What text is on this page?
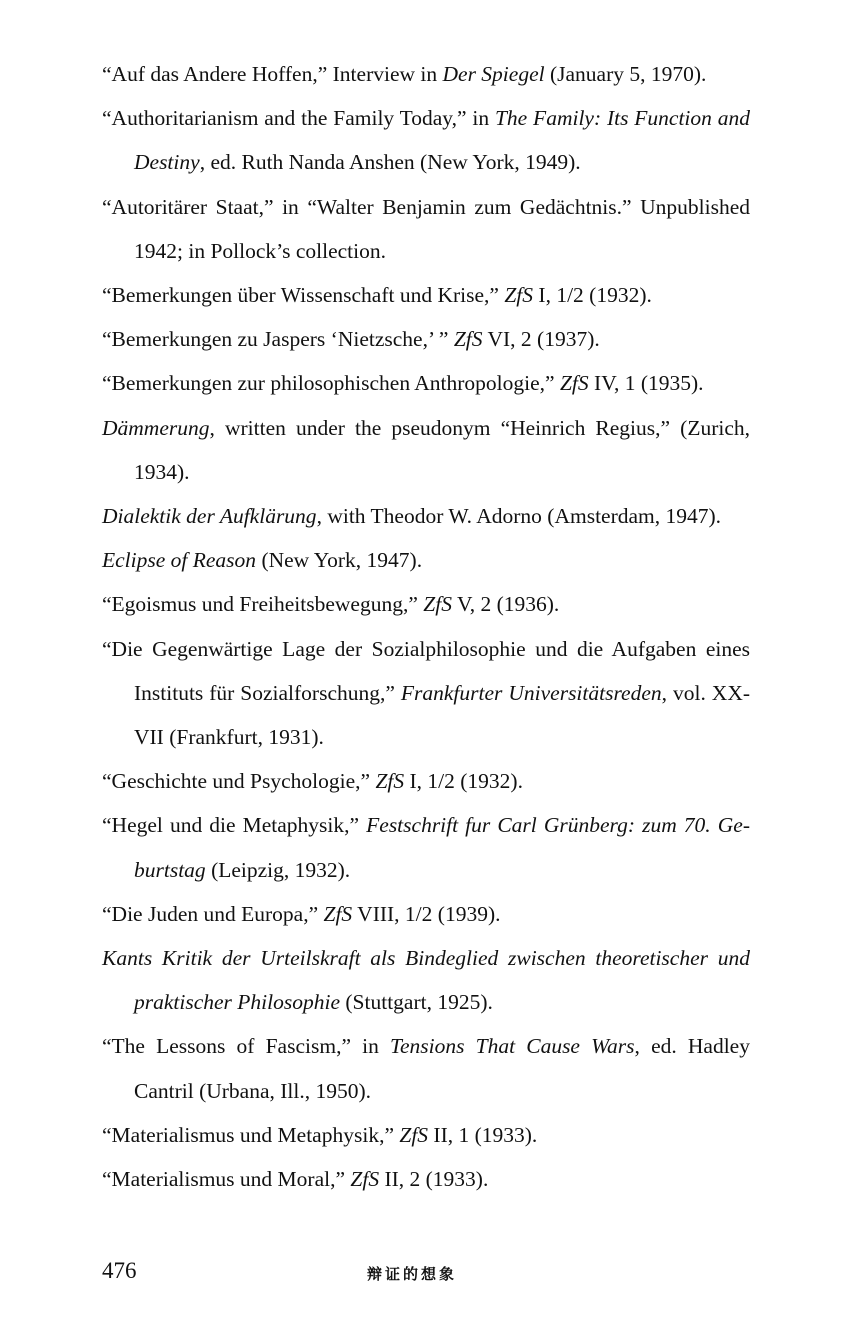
“Auf das Andere Hoffen,” Interview in Der Spiegel (January 5, 1970).
“Authoritarianism and the Family Today,” in The Family: Its Function and Destiny, ed. Ruth Nanda Anshen (New York, 1949).
“Autoritärer Staat,” in “Walter Benjamin zum Gedächtnis.” Unpublished 1942; in Pollock’s collection.
“Bemerkungen über Wissenschaft und Krise,” ZfS I, 1/2 (1932).
“Bemerkungen zu Jaspers ‘Nietzsche,’ ” ZfS VI, 2 (1937).
“Bemerkungen zur philosophischen Anthropologie,” ZfS IV, 1 (1935).
Dämmerung, written under the pseudonym “Heinrich Regius,” (Zurich, 1934).
Dialektik der Aufklärung, with Theodor W. Adorno (Amsterdam, 1947).
Eclipse of Reason (New York, 1947).
“Egoismus und Freiheitsbewegung,” ZfS V, 2 (1936).
“Die Gegenwärtige Lage der Sozialphilosophie und die Aufgaben eines Instituts für Sozialforschung,” Frankfurter Universitätsreden, vol. XXVII (Frankfurt, 1931).
“Geschichte und Psychologie,” ZfS I, 1/2 (1932).
“Hegel und die Metaphysik,” Festschrift fur Carl Grünberg: zum 70. Geburtstag (Leipzig, 1932).
“Die Juden und Europa,” ZfS VIII, 1/2 (1939).
Kants Kritik der Urteilskraft als Bindeglied zwischen theoretischer und praktischer Philosophie (Stuttgart, 1925).
“The Lessons of Fascism,” in Tensions That Cause Wars, ed. Hadley Cantril (Urbana, Ill., 1950).
“Materialismus und Metaphysik,” ZfS II, 1 (1933).
“Materialismus und Moral,” ZfS II, 2 (1933).
476	辩证的想象
